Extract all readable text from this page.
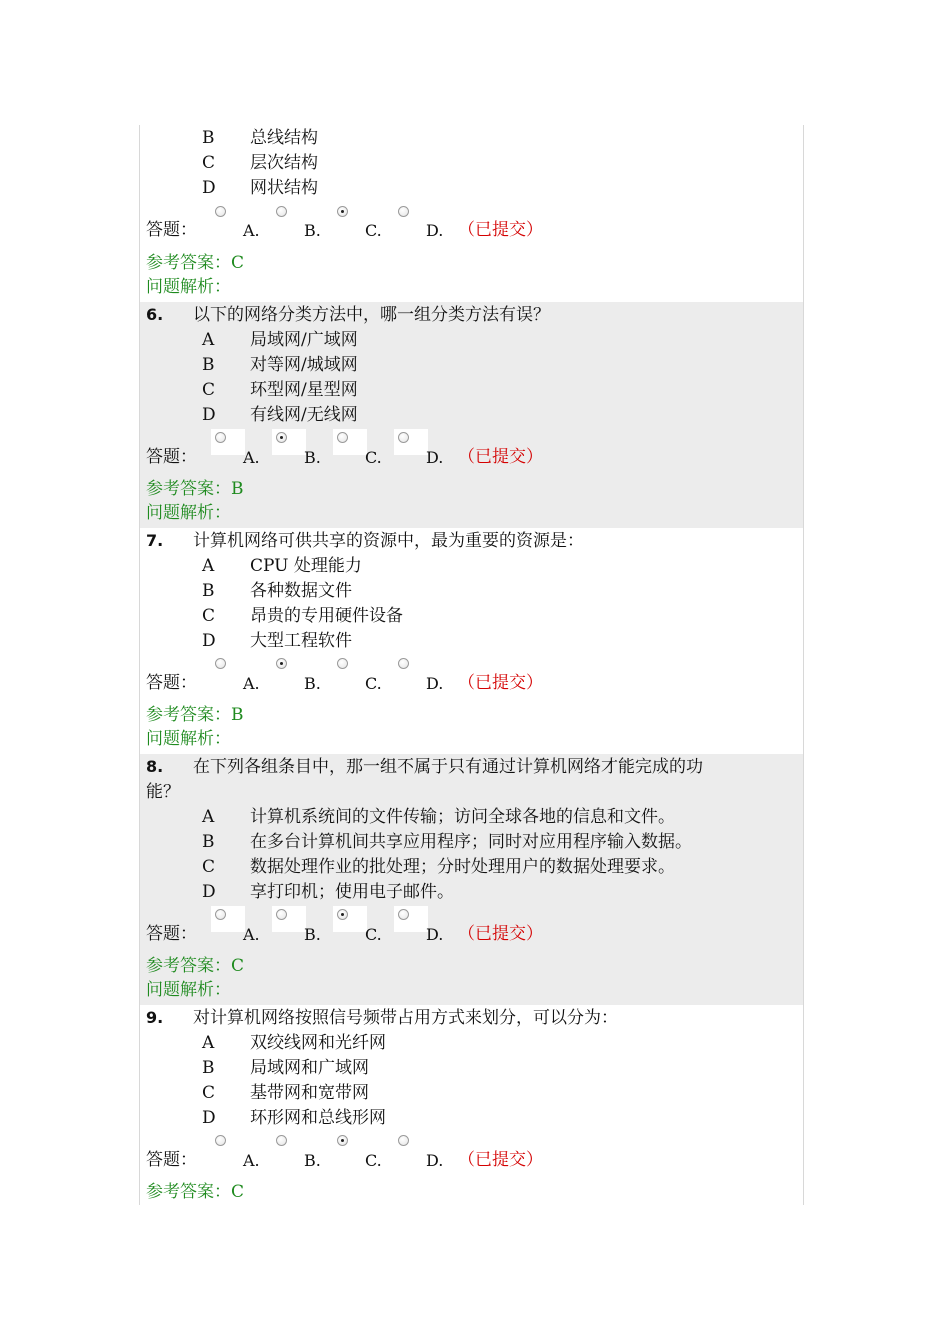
B 总线结构
C 层次结构
D 网状结构
答题：	A.	B.	C.	D. （已提交）
参考答案：C
问题解析：
6. 以下的网络分类方法中，哪一组分类方法有误？
A 局域网/广域网
B 对等网/城域网
C 环型网/星型网
D 有线网/无线网
答题：	A.	B.	C.	D. （已提交）
参考答案：B
问题解析：
7. 计算机网络可供共享的资源中，最为重要的资源是：
A CPU 处理能力
B 各种数据文件
C 昂贵的专用硬件设备
D 大型工程软件
答题：	A.	B.	C.	D. （已提交）
参考答案：B
问题解析：
8. 在下列各组条目中，那一组不属于只有通过计算机网络才能完成的功
能？
A 计算机系统间的文件传输；访问全球各地的信息和文件。
B 在多台计算机间共享应用程序；同时对应用程序输入数据。
C 数据处理作业的批处理；分时处理用户的数据处理要求。
D 享打印机；使用电子邮件。
答题：	A.	B.	C.	D. （已提交）
参考答案：C
问题解析：
9. 对计算机网络按照信号频带占用方式来划分，可以分为：
A 双绞线网和光纤网
B 局域网和广域网
C 基带网和宽带网
D 环形网和总线形网
答题：	A.	B.	C.	D. （已提交）
参考答案：C
